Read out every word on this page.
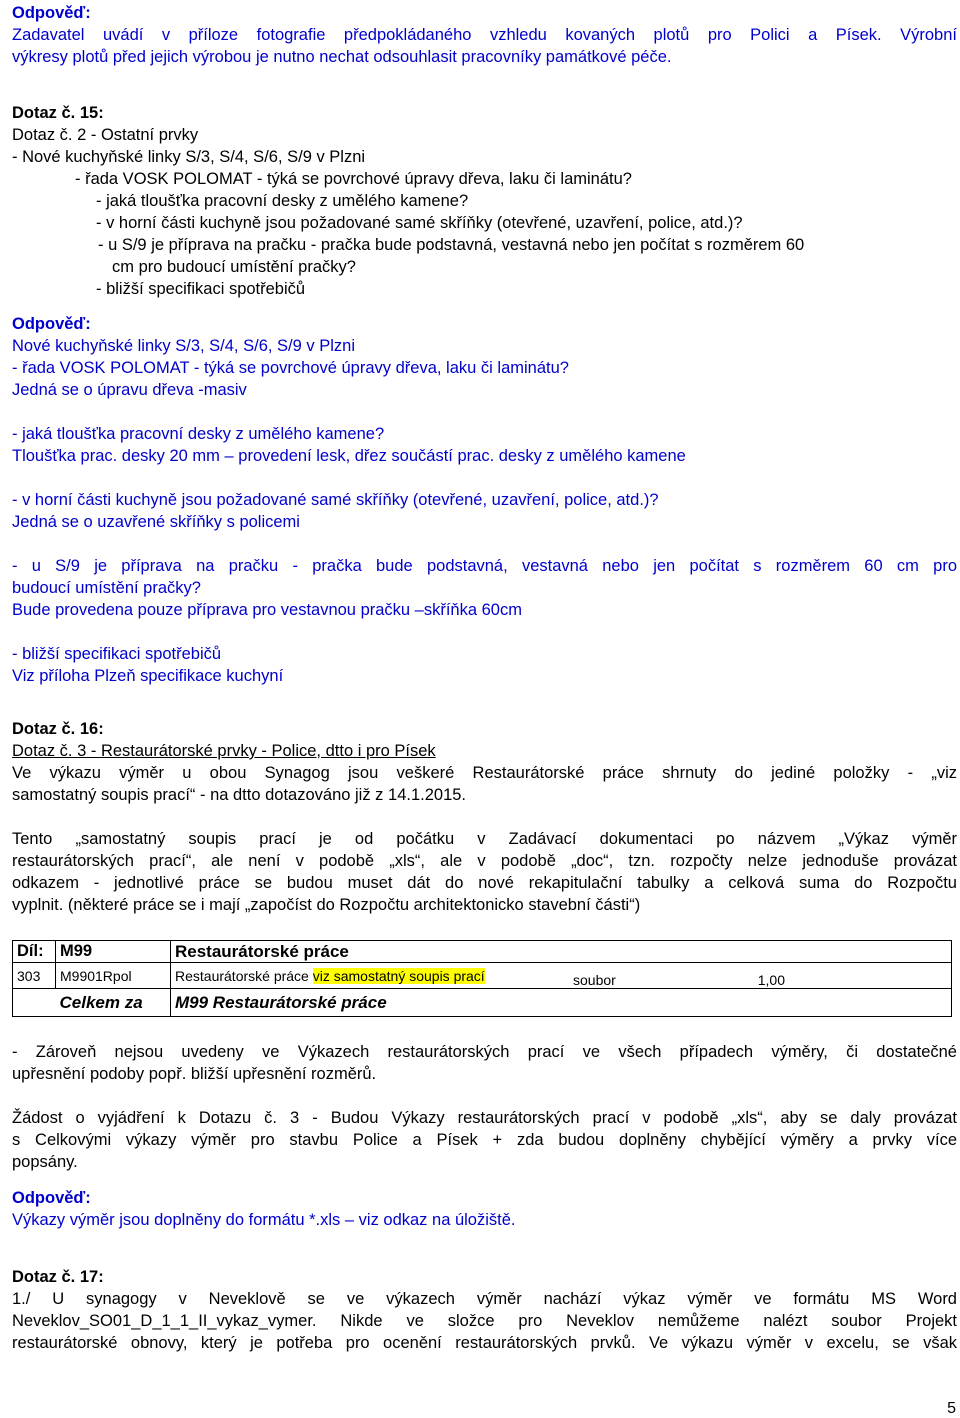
Odpověď:
Zadavatel uvádí v příloze fotografie předpokládaného vzhledu kovaných plotů pro Polici a Písek. Výrobní
výkresy plotů před jejich výrobou je nutno nechat odsouhlasit pracovníky památkové péče.
Dotaz č. 15:
Dotaz č. 2 - Ostatní prvky
- Nové kuchyňské linky S/3, S/4, S/6, S/9 v Plzni
- řada VOSK POLOMAT - týká se povrchové úpravy dřeva, laku či laminátu?
- jaká tloušťka pracovní desky z umělého kamene?
- v horní části kuchyně jsou požadované samé skříňky (otevřené, uzavření, police, atd.)?
- u S/9 je příprava na pračku - pračka bude podstavná, vestavná nebo jen počítat s rozměrem 60
cm pro budoucí umístění pračky?
- bližší specifikaci spotřebičů
Odpověď:
Nové kuchyňské linky S/3, S/4, S/6, S/9 v Plzni
- řada VOSK POLOMAT - týká se povrchové úpravy dřeva, laku či laminátu?
Jedná se o úpravu dřeva -masiv
- jaká tloušťka pracovní desky z umělého kamene?
Tloušťka prac. desky 20 mm – provedení lesk, dřez součástí prac. desky z umělého kamene
- v horní části kuchyně jsou požadované samé skříňky (otevřené, uzavření, police, atd.)?
Jedná se o uzavřené skříňky s policemi
- u S/9 je příprava na pračku - pračka bude podstavná, vestavná nebo jen počítat s rozměrem 60 cm pro
budoucí umístění pračky?
Bude provedena pouze příprava pro vestavnou pračku –skříňka 60cm
- bližší specifikaci spotřebičů
Viz příloha Plzeň specifikace kuchyní
Dotaz č. 16:
Dotaz č. 3 - Restaurátorské prvky - Police, dtto i pro Písek
Ve výkazu výměr u obou Synagog jsou veškeré Restaurátorské práce shrnuty do jediné položky - „viz
samostatný soupis prací“ - na dtto dotazováno již z 14.1.2015.
Tento „samostatný soupis prací je od počátku v Zadávací dokumentaci po názvem „Výkaz výměr
restaurátorských prací“, ale není v podobě „xls“, ale v podobě „doc“, tzn. rozpočty nelze jednoduše provázat
odkazem - jednotlivé práce se budou muset dát do nové rekapitulační tabulky a celková suma do Rozpočtu
vyplnit. (některé práce se i mají „započíst do Rozpočtu architektonicko stavební části“)
Díl:	M99	Restaurátorské práce		
303	M9901Rpol	Restaurátorské práce viz samostatný soupis prací	soubor	1,00
	Celkem za	M99 Restaurátorské práce		
- Zároveň nejsou uvedeny ve Výkazech restaurátorských prací ve všech případech výměry, či dostatečné
upřesnění podoby popř. bližší upřesnění rozměrů.
Žádost o vyjádření k Dotazu č. 3 - Budou Výkazy restaurátorských prací v podobě „xls“, aby se daly provázat
s Celkovými výkazy výměr pro stavbu Police a Písek + zda budou doplněny chybějící výměry a prvky více
popsány.
Odpověď:
Výkazy výměr jsou doplněny do formátu *.xls – viz odkaz na úložiště.
Dotaz č. 17:
1./ U synagogy v Neveklově se ve výkazech výměr nachází výkaz výměr ve formátu MS Word
Neveklov_SO01_D_1_1_II_vykaz_vymer. Nikde ve složce pro Neveklov nemůžeme nalézt soubor Projekt
restaurátorské obnovy, který je potřeba pro ocenění restaurátorských prvků. Ve výkazu výměr v excelu, se však
5
